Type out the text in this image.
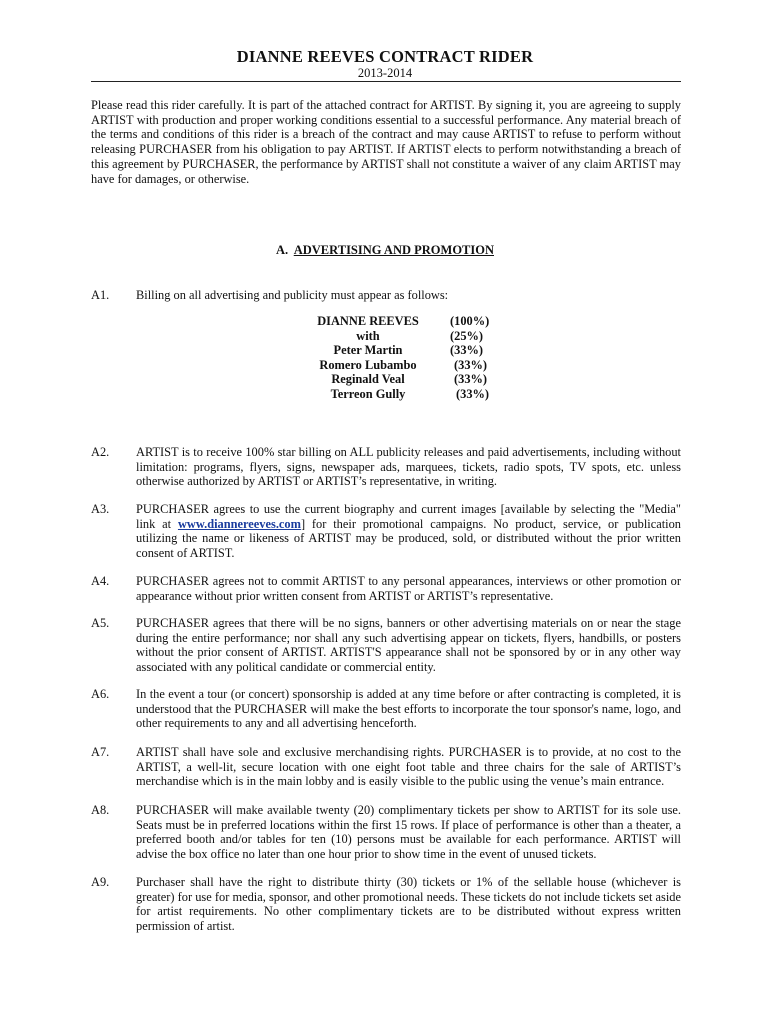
DIANNE REEVES CONTRACT RIDER
2013-2014
Please read this rider carefully. It is part of the attached contract for ARTIST. By signing it, you are agreeing to supply ARTIST with production and proper working conditions essential to a successful performance. Any material breach of the terms and conditions of this rider is a breach of the contract and may cause ARTIST to refuse to perform without releasing PURCHASER from his obligation to pay ARTIST. If ARTIST elects to perform notwithstanding a breach of this agreement by PURCHASER, the performance by ARTIST shall not constitute a waiver of any claim ARTIST may have for damages, or otherwise.
A. ADVERTISING AND PROMOTION
A1.	Billing on all advertising and publicity must appear as follows:
DIANNE REEVES	(100%)
with	(25%)
Peter Martin	(33%)
Romero Lubambo	(33%)
Reginald Veal	(33%)
Terreon Gully	(33%)
A2.	ARTIST is to receive 100% star billing on ALL publicity releases and paid advertisements, including without limitation: programs, flyers, signs, newspaper ads, marquees, tickets, radio spots, TV spots, etc. unless otherwise authorized by ARTIST or ARTIST’s representative, in writing.
A3.	PURCHASER agrees to use the current biography and current images [available by selecting the "Media" link at www.diannereeves.com] for their promotional campaigns. No product, service, or publication utilizing the name or likeness of ARTIST may be produced, sold, or distributed without the prior written consent of ARTIST.
A4.	PURCHASER agrees not to commit ARTIST to any personal appearances, interviews or other promotion or appearance without prior written consent from ARTIST or ARTIST’s representative.
A5.	PURCHASER agrees that there will be no signs, banners or other advertising materials on or near the stage during the entire performance; nor shall any such advertising appear on tickets, flyers, handbills, or posters without the prior consent of ARTIST. ARTIST'S appearance shall not be sponsored by or in any other way associated with any political candidate or commercial entity.
A6.	In the event a tour (or concert) sponsorship is added at any time before or after contracting is completed, it is understood that the PURCHASER will make the best efforts to incorporate the tour sponsor's name, logo, and other requirements to any and all advertising henceforth.
A7.	ARTIST shall have sole and exclusive merchandising rights. PURCHASER is to provide, at no cost to the ARTIST, a well-lit, secure location with one eight foot table and three chairs for the sale of ARTIST’s merchandise which is in the main lobby and is easily visible to the public using the venue’s main entrance.
A8.	PURCHASER will make available twenty (20) complimentary tickets per show to ARTIST for its sole use. Seats must be in preferred locations within the first 15 rows. If place of performance is other than a theater, a preferred booth and/or tables for ten (10) persons must be available for each performance. ARTIST will advise the box office no later than one hour prior to show time in the event of unused tickets.
A9.	Purchaser shall have the right to distribute thirty (30) tickets or 1% of the sellable house (whichever is greater) for use for media, sponsor, and other promotional needs. These tickets do not include tickets set aside for artist requirements. No other complimentary tickets are to be distributed without express written permission of artist.
